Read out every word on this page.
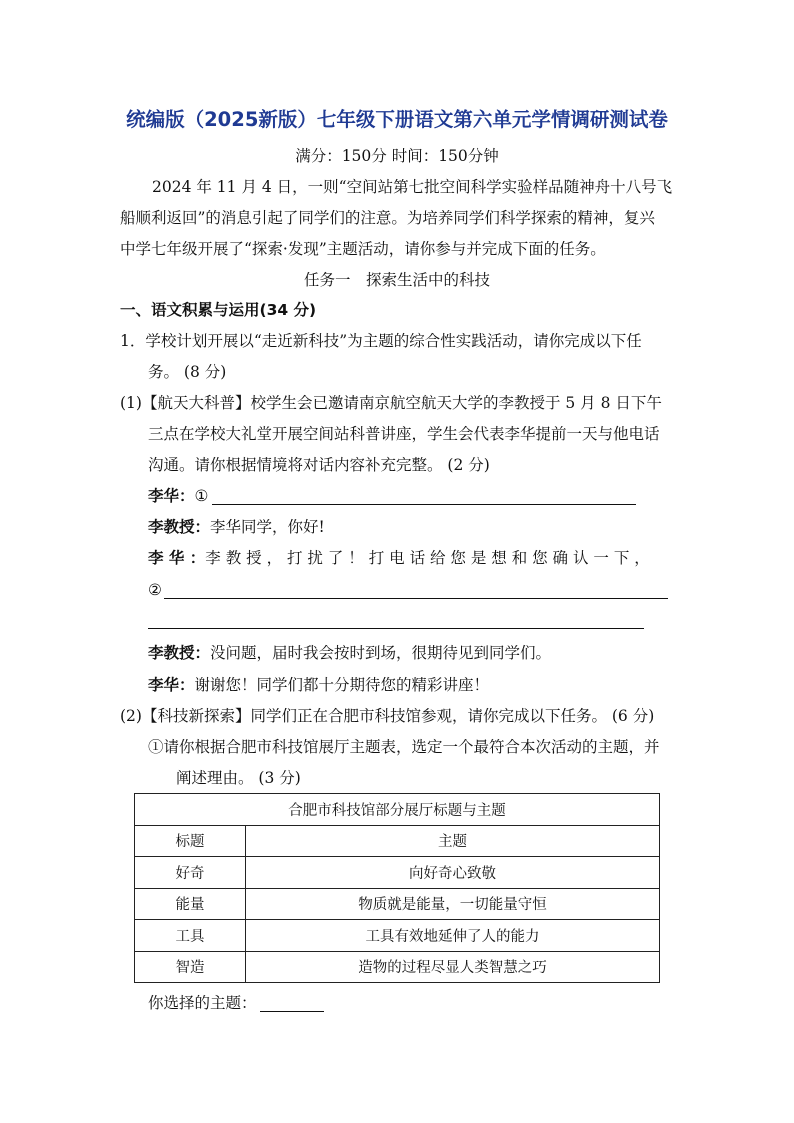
统编版（2025新版）七年级下册语文第六单元学情调研测试卷
满分：150分 时间：150分钟
2024 年 11 月 4 日，一则“空间站第七批空间科学实验样品随神舟十八号飞
船顺利返回”的消息引起了同学们的注意。为培养同学们科学探索的精神，复兴
中学七年级开展了“探索·发现”主题活动，请你参与并完成下面的任务。
任务一　探索生活中的科技
一、语文积累与运用(34 分)
1．学校计划开展以“走近新科技”为主题的综合性实践活动，请你完成以下任
务。 (8 分)
(1)【航天大科普】校学生会已邀请南京航空航天大学的李教授于 5 月 8 日下午
三点在学校大礼堂开展空间站科普讲座，学生会代表李华提前一天与他电话
沟通。请你根据情境将对话内容补充完整。 (2 分)
李华：①
李教授：李华同学，你好!
李 华 ：李 教 授 ， 打 扰 了 ！ 打 电 话 给 您 是 想 和 您 确 认 一 下 ，
②
李教授：没问题，届时我会按时到场，很期待见到同学们。
李华：谢谢您！同学们都十分期待您的精彩讲座！
(2)【科技新探索】同学们正在合肥市科技馆参观，请你完成以下任务。 (6 分)
①请你根据合肥市科技馆展厅主题表，选定一个最符合本次活动的主题，并
阐述理由。 (3 分)
合肥市科技馆部分展厅标题与主题	
标题	主题
好奇	向好奇心致敬
能量	物质就是能量，一切能量守恒
工具	工具有效地延伸了人的能力
智造	造物的过程尽显人类智慧之巧
你选择的主题：
